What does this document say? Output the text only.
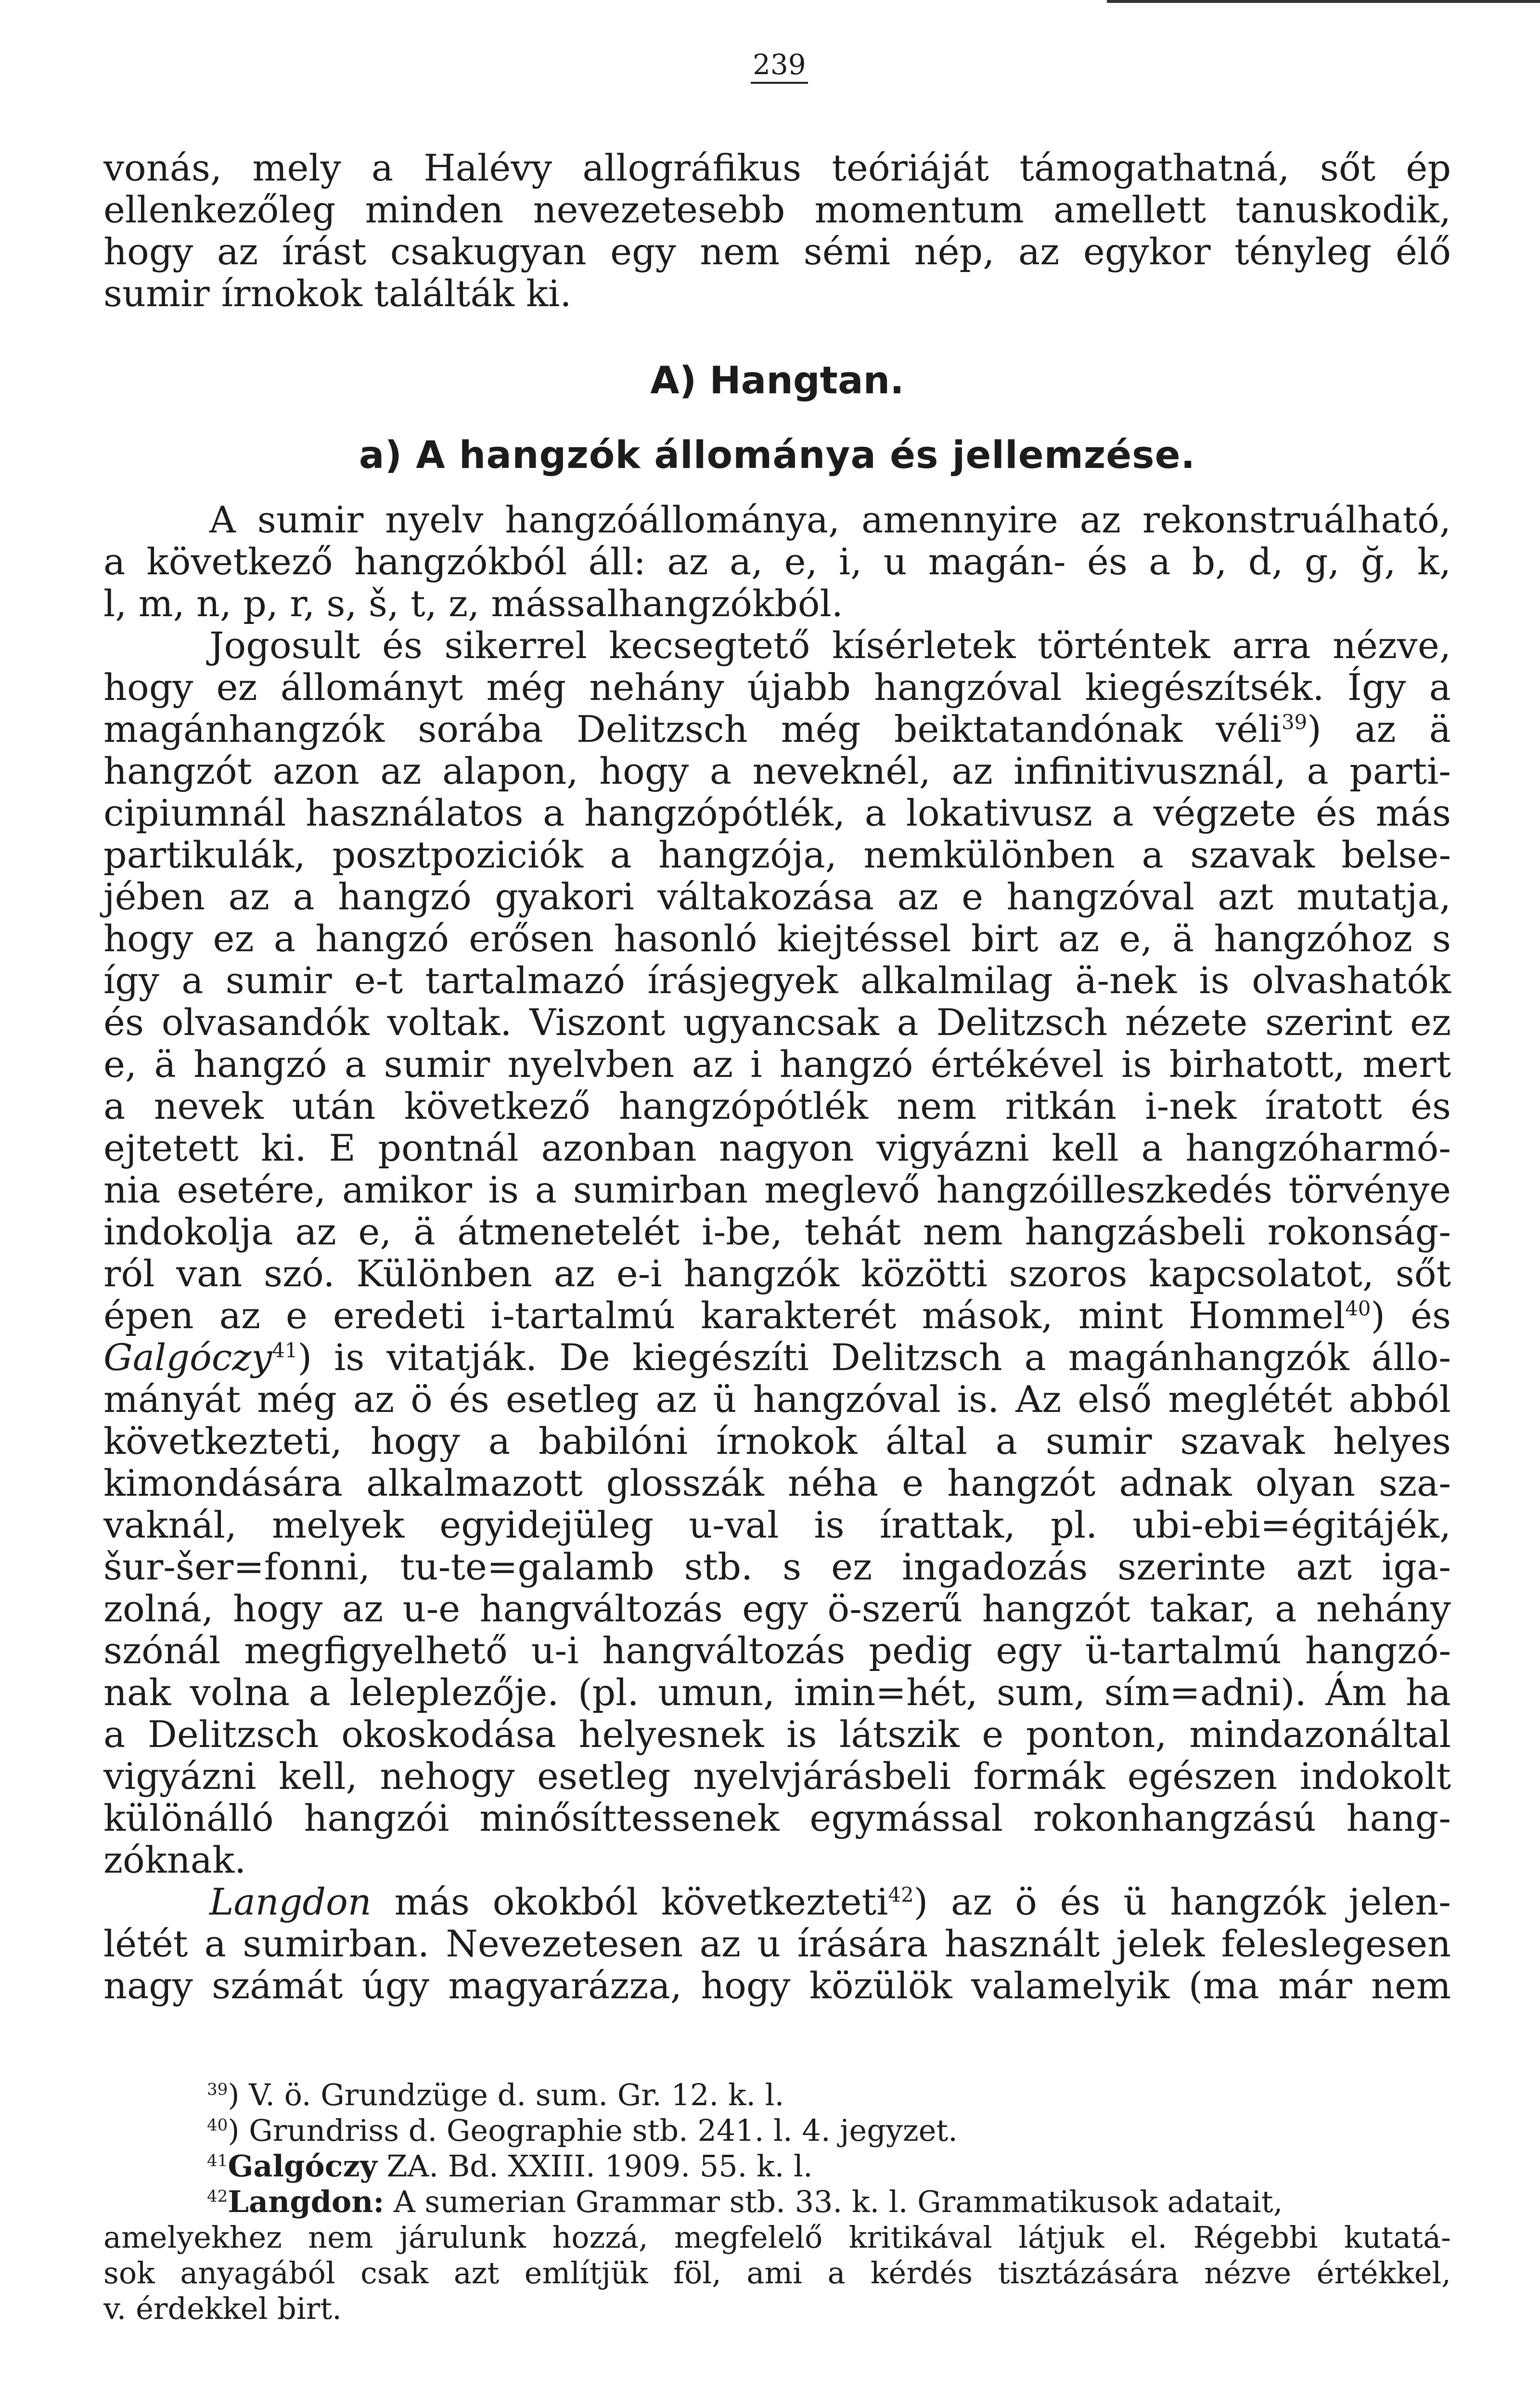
239
vonás, mely a Halévy allográfikus teóriáját támogathatná, sőt ép
ellenkezőleg minden nevezetesebb momentum amellett tanuskodik,
hogy az írást csakugyan egy nem sémi nép, az egykor tényleg élő
sumir írnokok találták ki.

A) Hangtan.

a) A hangzók állománya és jellemzése.

A sumir nyelv hangzóállománya, amennyire az rekonstruálható,
a következő hangzókból áll: az a, e, i, u magán- és a b, d, g, ğ, k,
l, m, n, p, r, s, š, t, z, mássalhangzókból.
Jogosult és sikerrel kecsegtető kísérletek történtek arra nézve,
hogy ez állományt még nehány újabb hangzóval kiegészítsék. Így a
magánhangzók sorába Delitzsch még beiktatandónak véli$^{39}$) az ä
hangzót azon az alapon, hogy a neveknél, az infinitivusznál, a parti-
cipiumnál használatos a hangzópótlék, a lokativusz a végzete és más
partikulák, posztpoziciók a hangzója, nemkülönben a szavak belse-
jében az a hangzó gyakori váltakozása az e hangzóval azt mutatja,
hogy ez a hangzó erősen hasonló kiejtéssel birt az e, ä hangzóhoz s
így a sumir e-t tartalmazó írásjegyek alkalmilag ä-nek is olvashatók
és olvasandók voltak. Viszont ugyancsak a Delitzsch nézete szerint ez
e, ä hangzó a sumir nyelvben az i hangzó értékével is birhatott, mert
a nevek után következő hangzópótlék nem ritkán i-nek íratott és
ejtetett ki. E pontnál azonban nagyon vigyázni kell a hangzóharmó-
nia esetére, amikor is a sumirban meglevő hangzóilleszkedés törvénye
indokolja az e, ä átmenetelét i-be, tehát nem hangzásbeli rokonság-
ról van szó. Különben az e-i hangzók közötti szoros kapcsolatot, sőt
épen az e eredeti i-tartalmú karakterét mások, mint Hommel$^{40}$) és
Galgóczy$^{41}$) is vitatják. De kiegészíti Delitzsch a magánhangzók állo-
mányát még az ö és esetleg az ü hangzóval is. Az első meglétét abból
következteti, hogy a babilóni írnokok által a sumir szavak helyes
kimondására alkalmazott glosszák néha e hangzót adnak olyan sza-
vaknál, melyek egyidejüleg u-val is írattak, pl. ubi-ebi=égitájék,
šur-šer=fonni, tu-te=galamb stb. s ez ingadozás szerinte azt iga-
zolná, hogy az u-e hangváltozás egy ö-szerű hangzót takar, a nehány
szónál megfigyelhető u-i hangváltozás pedig egy ü-tartalmú hangzó-
nak volna a leleplezője. (pl. umun, imin=hét, sum, sím=adni). Ám ha
a Delitzsch okoskodása helyesnek is látszik e ponton, mindazonáltal
vigyázni kell, nehogy esetleg nyelvjárásbeli formák egészen indokolt
különálló hangzói minősíttessenek egymással rokonhangzású hang-
zóknak.
Langdon más okokból következteti$^{42}$) az ö és ü hangzók jelen-
létét a sumirban. Nevezetesen az u írására használt jelek feleslegesen
nagy számát úgy magyarázza, hogy közülök valamelyik (ma már nem
$^{39}$) V. ö. Grundzüge d. sum. Gr. 12. k. l.
$^{40}$) Grundriss d. Geographie stb. 241. l. 4. jegyzet.
$^{41}$Galgóczy ZA. Bd. XXIII. 1909. 55. k. l.
$^{42}$Langdon: A sumerian Grammar stb. 33. k. l. Grammatikusok adatait,
amelyekhez nem járulunk hozzá, megfelelő kritikával látjuk el. Régebbi kutatá-
sok anyagából csak azt említjük föl, ami a kérdés tisztázására nézve értékkel,
v. érdekkel birt.
